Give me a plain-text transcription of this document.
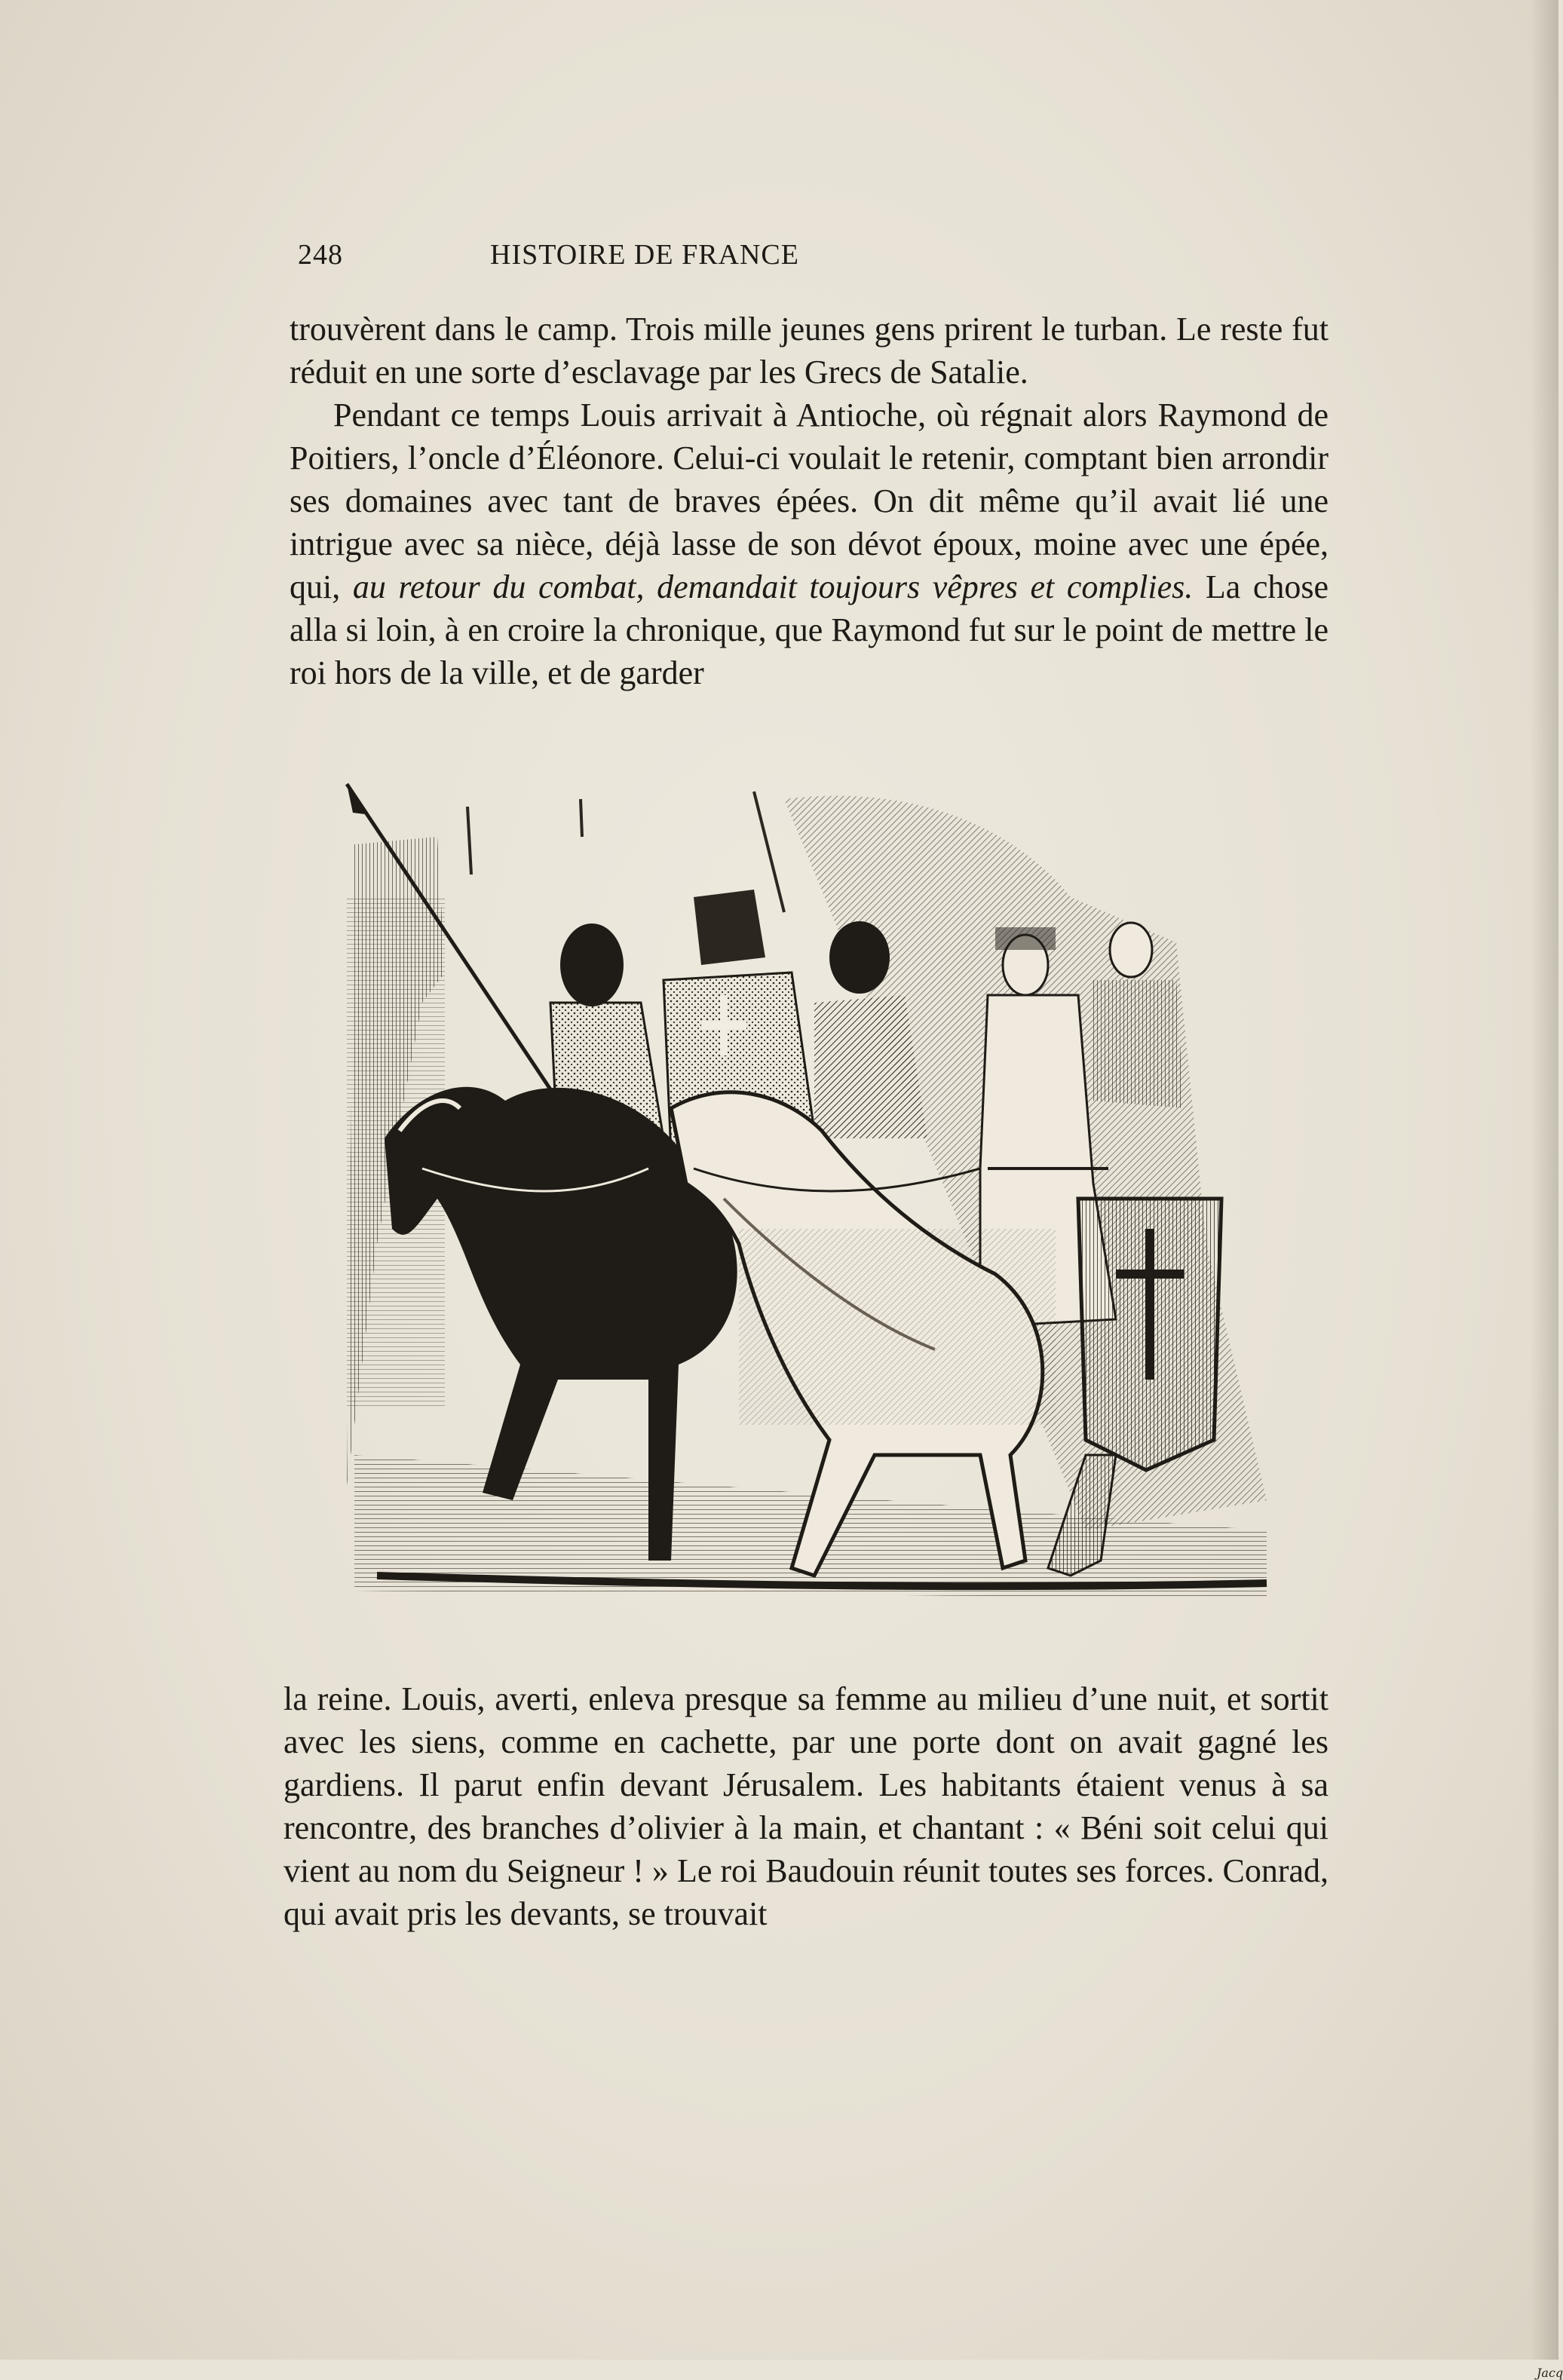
248	HISTOIRE DE FRANCE

trouvèrent dans le camp. Trois mille jeunes gens prirent le turban. Le reste fut réduit en une sorte d’esclavage par les Grecs de Satalie.

Pendant ce temps Louis arrivait à Antioche, où régnait alors Raymond de Poitiers, l’oncle d’Éléonore. Celui-ci voulait le retenir, comptant bien arrondir ses domaines avec tant de braves épées. On dit même qu’il avait lié une intrigue avec sa nièce, déjà lasse de son dévot époux, moine avec une épée, qui, au retour du combat, demandait toujours vêpres et complies. La chose alla si loin, à en croire la chronique, que Raymond fut sur le point de mettre le roi hors de la ville, et de garder

Jacq

la reine. Louis, averti, enleva presque sa femme au milieu d’une nuit, et sortit avec les siens, comme en cachette, par une porte dont on avait gagné les gardiens. Il parut enfin devant Jérusalem. Les habitants étaient venus à sa rencontre, des branches d’olivier à la main, et chantant : « Béni soit celui qui vient au nom du Seigneur ! » Le roi Baudouin réunit toutes ses forces. Conrad, qui avait pris les devants, se trouvait
